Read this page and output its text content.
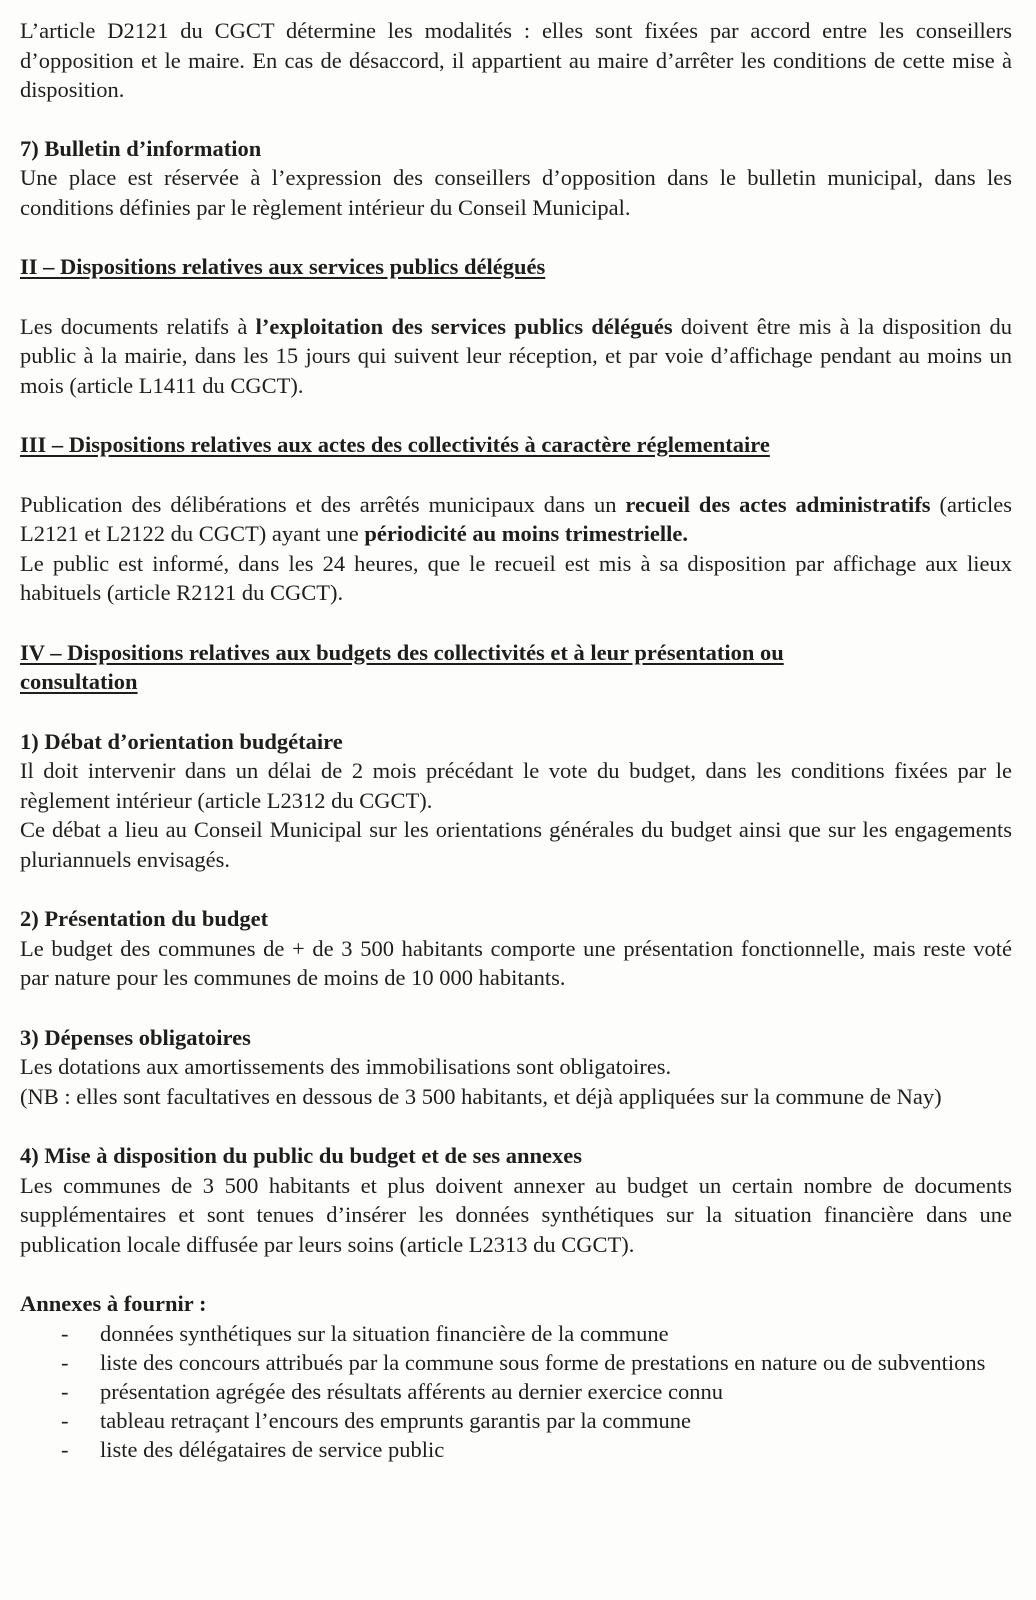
L’article D2121 du CGCT détermine les modalités : elles sont fixées par accord entre les conseillers d’opposition et le maire. En cas de désaccord, il appartient au maire d’arrêter les conditions de cette mise à disposition.

7) Bulletin d’information

Une place est réservée à l’expression des conseillers d’opposition dans le bulletin municipal, dans les conditions définies par le règlement intérieur du Conseil Municipal.

II – Dispositions relatives aux services publics délégués

Les documents relatifs à l’exploitation des services publics délégués doivent être mis à la disposition du public à la mairie, dans les 15 jours qui suivent leur réception, et par voie d’affichage pendant au moins un mois (article L1411 du CGCT).

III – Dispositions relatives aux actes des collectivités à caractère réglementaire

Publication des délibérations et des arrêtés municipaux dans un recueil des actes administratifs (articles L2121 et L2122 du CGCT) ayant une périodicité au moins trimestrielle.

Le public est informé, dans les 24 heures, que le recueil est mis à sa disposition par affichage aux lieux habituels (article R2121 du CGCT).

IV – Dispositions relatives aux budgets des collectivités et à leur présentation ou
consultation

1) Débat d’orientation budgétaire

Il doit intervenir dans un délai de 2 mois précédant le vote du budget, dans les conditions fixées par le règlement intérieur (article L2312 du CGCT).

Ce débat a lieu au Conseil Municipal sur les orientations générales du budget ainsi que sur les engagements pluriannuels envisagés.

2) Présentation du budget

Le budget des communes de + de 3 500 habitants comporte une présentation fonctionnelle, mais reste voté par nature pour les communes de moins de 10 000 habitants.

3) Dépenses obligatoires

Les dotations aux amortissements des immobilisations sont obligatoires.

(NB : elles sont facultatives en dessous de 3 500 habitants, et déjà appliquées sur la commune de Nay)

4) Mise à disposition du public du budget et de ses annexes

Les communes de 3 500 habitants et plus doivent annexer au budget un certain nombre de documents supplémentaires et sont tenues d’insérer les données synthétiques sur la situation financière dans une publication locale diffusée par leurs soins (article L2313 du CGCT).

Annexes à fournir :

- données synthétiques sur la situation financière de la commune
- liste des concours attribués par la commune sous forme de prestations en nature ou de subventions
- présentation agrégée des résultats afférents au dernier exercice connu
- tableau retraçant l’encours des emprunts garantis par la commune
- liste des délégataires de service public
